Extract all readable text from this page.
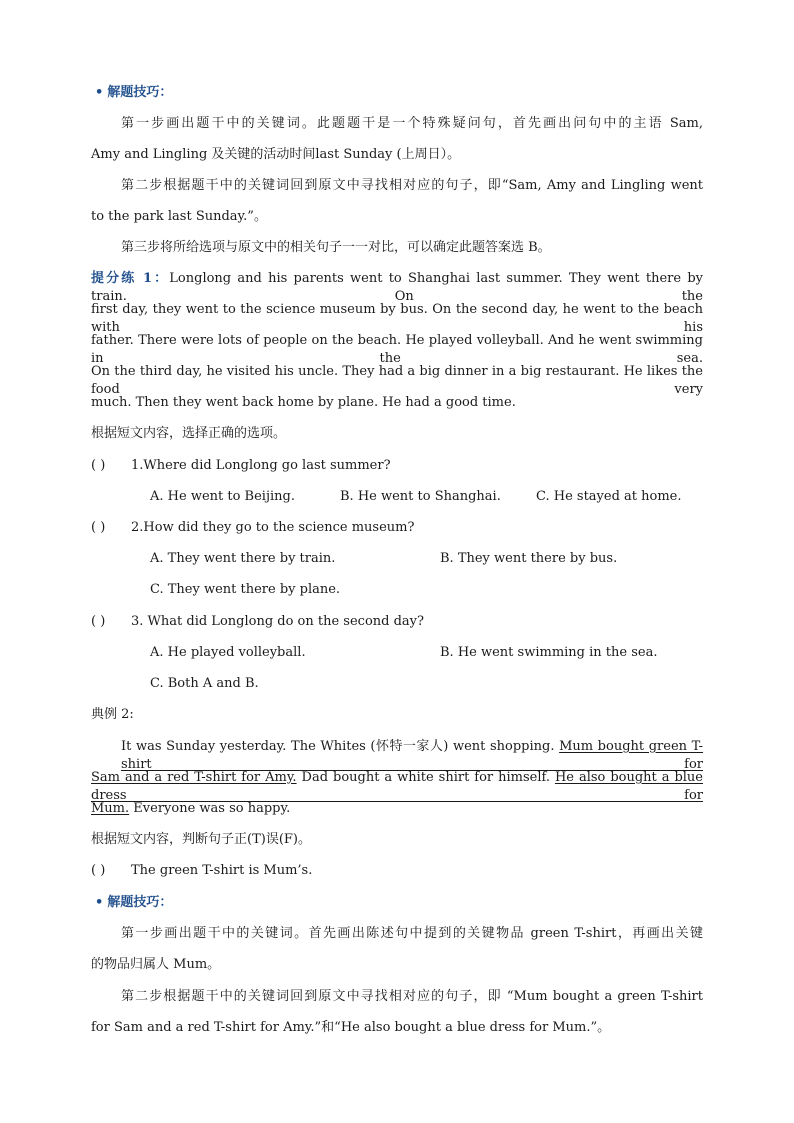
• 解题技巧：
第一步画出题干中的关键词。此题题干是一个特殊疑问句，首先画出问句中的主语 Sam,
Amy and Lingling 及关键的活动时间last Sunday (上周日）。
第二步根据题干中的关键词回到原文中寻找相对应的句子，即“Sam, Amy and Lingling went
to the park last Sunday.”。
第三步将所给选项与原文中的相关句子一一对比，可以确定此题答案选 B。
提分练 1：Longlong and his parents went to Shanghai last summer. They went there by train. On the
first day, they went to the science museum by bus. On the second day, he went to the beach with his
father. There were lots of people on the beach. He played volleyball. And he went swimming in the sea.
On the third day, he visited his uncle. They had a big dinner in a big restaurant. He likes the food very
much. Then they went back home by plane. He had a good time.
根据短文内容，选择正确的选项。
( ) 1.Where did Longlong go last summer?
A. He went to Beijing.	B. He went to Shanghai.	C. He stayed at home.
( ) 2.How did they go to the science museum?
A. They went there by train.	B. They went there by bus.
C. They went there by plane.
( ) 3. What did Longlong do on the second day?
A. He played volleyball.	B. He went swimming in the sea.
C. Both A and B.
典例 2:
It was Sunday yesterday. The Whites (怀特一家人) went shopping. Mum bought green T-shirt for
Sam and a red T-shirt for Amy. Dad bought a white shirt for himself. He also bought a blue dress for
Mum. Everyone was so happy.
根据短文内容，判断句子正(T)误(F)。
( ) The green T-shirt is Mum’s.
• 解题技巧：
第一步画出题干中的关键词。首先画出陈述句中提到的关键物品 green T-shirt，再画出关键
的物品归属人 Mum。
第二步根据题干中的关键词回到原文中寻找相对应的句子，即 “Mum bought a green T-shirt
for Sam and a red T-shirt for Amy.”和“He also bought a blue dress for Mum.”。
